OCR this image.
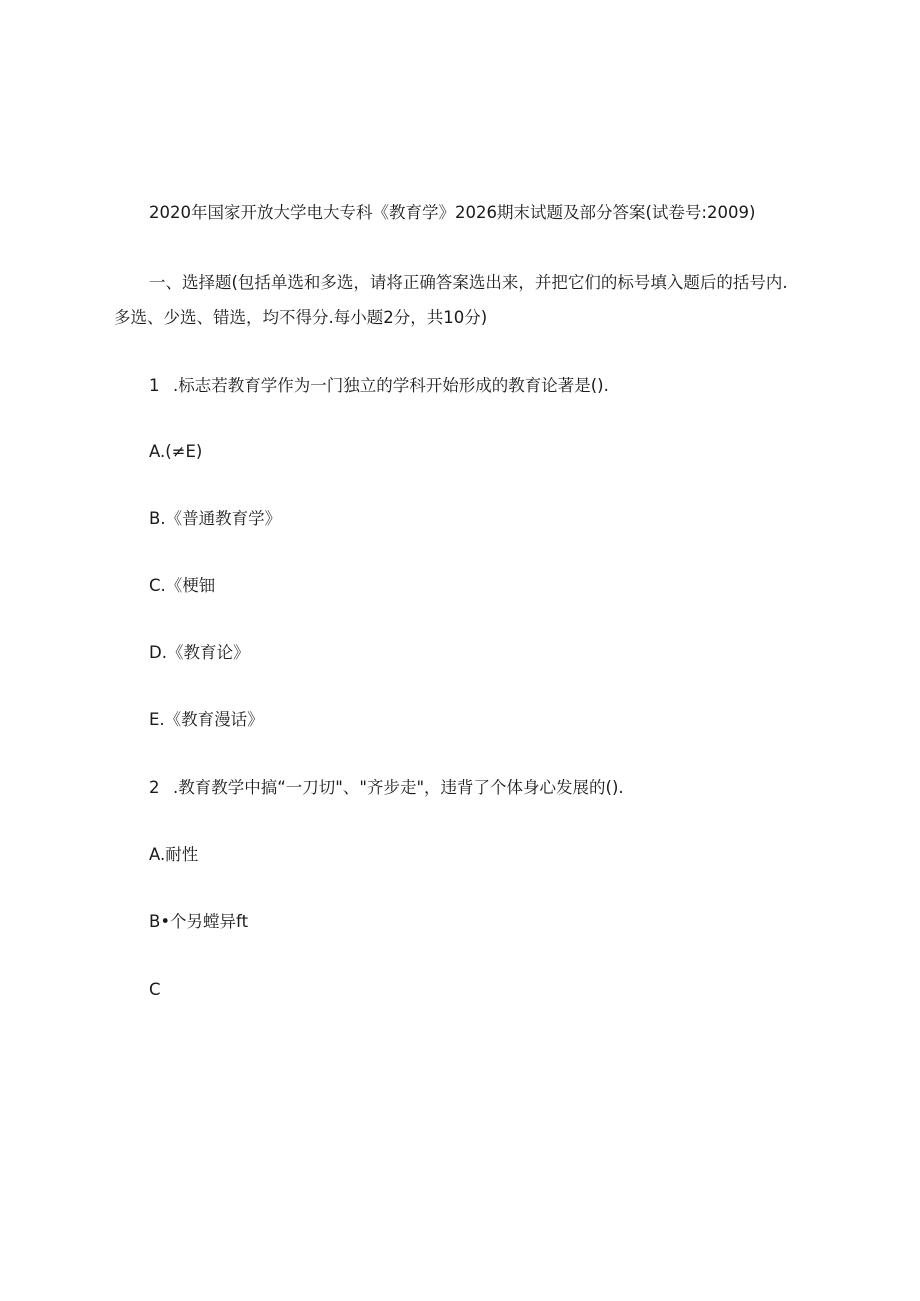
2020年国家开放大学电大专科《教育学》2026期末试题及部分答案(试卷号:2009)
一、选择题(包括单选和多选，请将正确答案选出来，并把它们的标号填入题后的括号内.
多选、少选、错选，均不得分.每小题2分，共10分)
1 .标志若教育学作为一门独立的学科开始形成的教育论著是().
A.(≠E)
B.《普通教育学》
C.《梗钿
D.《教育论》
E.《教育漫话》
2 .教育教学中搞“一刀切"、"齐步走"，违背了个体身心发展的().
A.耐性
B•个另螳异ft
C
